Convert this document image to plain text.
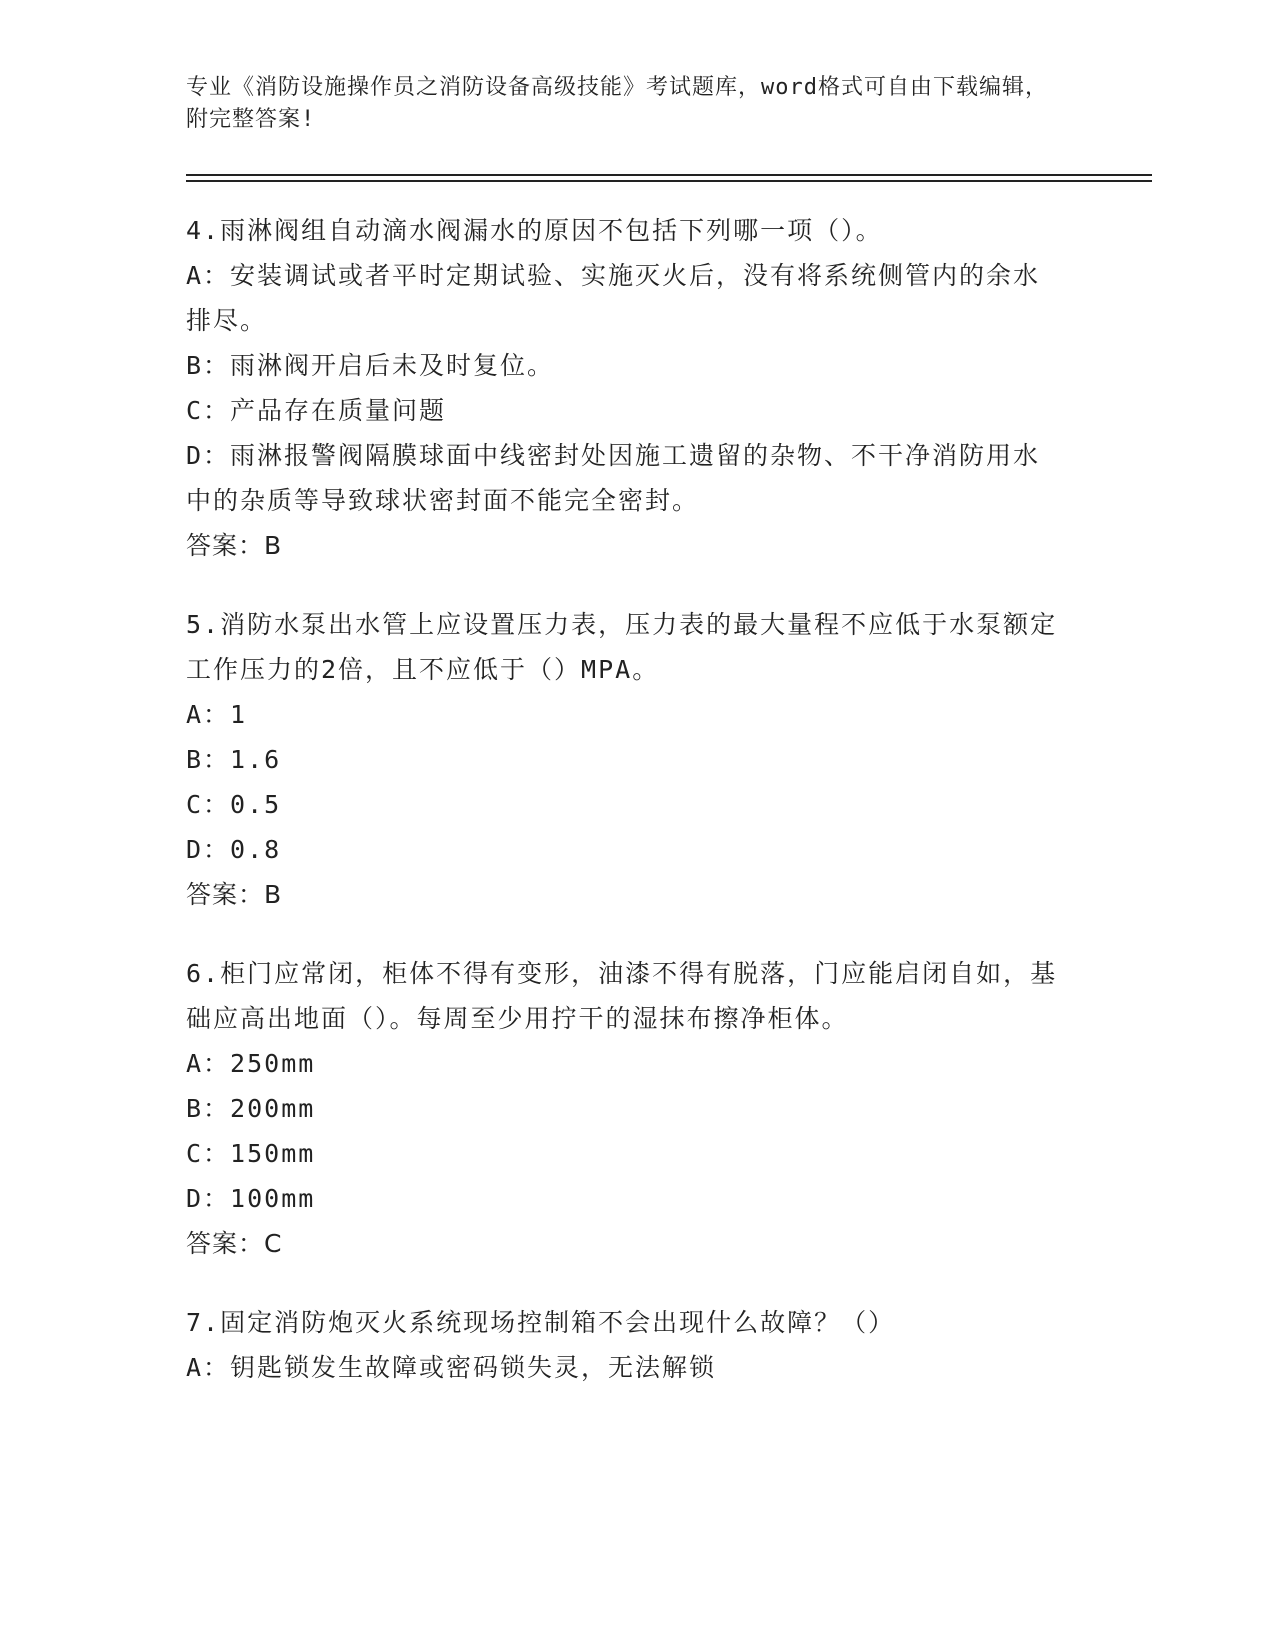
专业《消防设施操作员之消防设备高级技能》考试题库，word格式可自由下载编辑，附完整答案!

4.雨淋阀组自动滴水阀漏水的原因不包括下列哪一项（）。

A：安装调试或者平时定期试验、实施灭火后，没有将系统侧管内的余水排尽。

B：雨淋阀开启后未及时复位。

C：产品存在质量问题

D：雨淋报警阀隔膜球面中线密封处因施工遗留的杂物、不干净消防用水中的杂质等导致球状密封面不能完全密封。

答案：B

5.消防水泵出水管上应设置压力表，压力表的最大量程不应低于水泵额定工作压力的2倍，且不应低于（）MPA。

A：1

B：1.6

C：0.5

D：0.8

答案：B

6.柜门应常闭，柜体不得有变形，油漆不得有脱落，门应能启闭自如，基础应高出地面（）。每周至少用拧干的湿抹布擦净柜体。

A：250mm

B：200mm

C：150mm

D：100mm

答案：C

7.固定消防炮灭火系统现场控制箱不会出现什么故障？（）

A：钥匙锁发生故障或密码锁失灵，无法解锁
